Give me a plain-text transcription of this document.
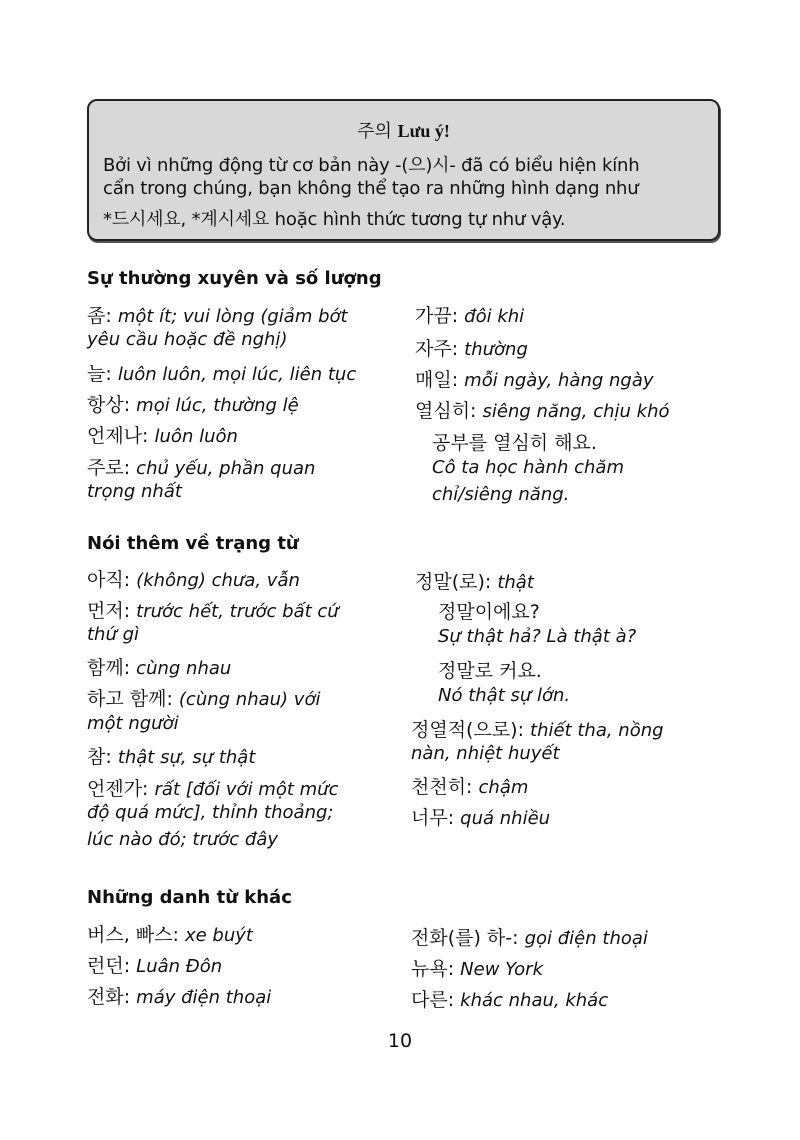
주의 Lưu ý!
Bởi vì những động từ cơ bản này -(으)시- đã có biểu hiện kính
cẩn trong chúng, bạn không thể tạo ra những hình dạng như
*드시세요, *계시세요 hoặc hình thức tương tự như vậy.
Sự thường xuyên và số lượng
좀: một ít; vui lòng (giảm bớt
yêu cầu hoặc đề nghị)
늘: luôn luôn, mọi lúc, liên tục
항상: mọi lúc, thường lệ
언제나: luôn luôn
주로: chủ yếu, phần quan
trọng nhất
가끔: đôi khi
자주: thường
매일: mỗi ngày, hàng ngày
열심히: siêng năng, chịu khó
공부를 열심히 해요.
Cô ta học hành chăm
chỉ/siêng năng.
Nói thêm về trạng từ
아직: (không) chưa, vẫn
먼저: trước hết, trước bất cứ
thứ gì
함께: cùng nhau
하고 함께: (cùng nhau) với
một người
참: thật sự, sự thật
언젠가: rất [đối với một mức
độ quá mức], thỉnh thoảng;
lúc nào đó; trước đây
정말(로): thật
정말이에요?
Sự thật hả? Là thật à?
정말로 커요.
Nó thật sự lớn.
정열적(으로): thiết tha, nồng
nàn, nhiệt huyết
천천히: chậm
너무: quá nhiều
Những danh từ khác
버스, 빠스: xe buýt
런던: Luân Đôn
전화: máy điện thoại
전화(를) 하-: gọi điện thoại
뉴욕: New York
다른: khác nhau, khác
10
